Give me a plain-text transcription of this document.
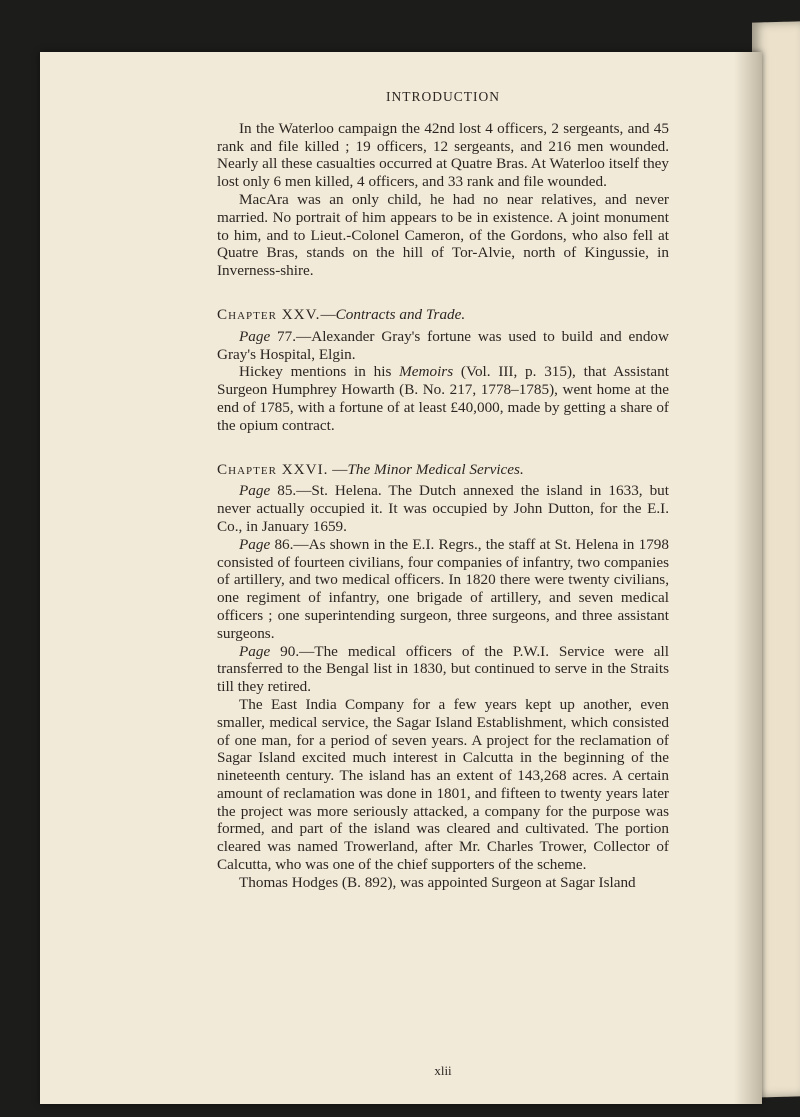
INTRODUCTION

In the Waterloo campaign the 42nd lost 4 officers, 2 sergeants, and 45 rank and file killed ; 19 officers, 12 sergeants, and 216 men wounded. Nearly all these casualties occurred at Quatre Bras. At Waterloo itself they lost only 6 men killed, 4 officers, and 33 rank and file wounded.

MacAra was an only child, he had no near relatives, and never married. No portrait of him appears to be in existence. A joint monument to him, and to Lieut.-Colonel Cameron, of the Gordons, who also fell at Quatre Bras, stands on the hill of Tor-Alvie, north of Kingussie, in Inverness-shire.

Chapter XXV.—Contracts and Trade.

Page 77.—Alexander Gray's fortune was used to build and endow Gray's Hospital, Elgin.

Hickey mentions in his Memoirs (Vol. III, p. 315), that Assistant Surgeon Humphrey Howarth (B. No. 217, 1778–1785), went home at the end of 1785, with a fortune of at least £40,000, made by getting a share of the opium contract.

Chapter XXVI. —The Minor Medical Services.

Page 85.—St. Helena. The Dutch annexed the island in 1633, but never actually occupied it. It was occupied by John Dutton, for the E.I. Co., in January 1659.

Page 86.—As shown in the E.I. Regrs., the staff at St. Helena in 1798 consisted of fourteen civilians, four companies of infantry, two companies of artillery, and two medical officers. In 1820 there were twenty civilians, one regiment of infantry, one brigade of artillery, and seven medical officers ; one superintending surgeon, three surgeons, and three assistant surgeons.

Page 90.—The medical officers of the P.W.I. Service were all transferred to the Bengal list in 1830, but continued to serve in the Straits till they retired.

The East India Company for a few years kept up another, even smaller, medical service, the Sagar Island Establishment, which consisted of one man, for a period of seven years. A project for the reclamation of Sagar Island excited much interest in Calcutta in the beginning of the nineteenth century. The island has an extent of 143,268 acres. A certain amount of reclamation was done in 1801, and fifteen to twenty years later the project was more seriously attacked, a company for the purpose was formed, and part of the island was cleared and cultivated. The portion cleared was named Trowerland, after Mr. Charles Trower, Collector of Calcutta, who was one of the chief supporters of the scheme.

Thomas Hodges (B. 892), was appointed Surgeon at Sagar Island

xlii
